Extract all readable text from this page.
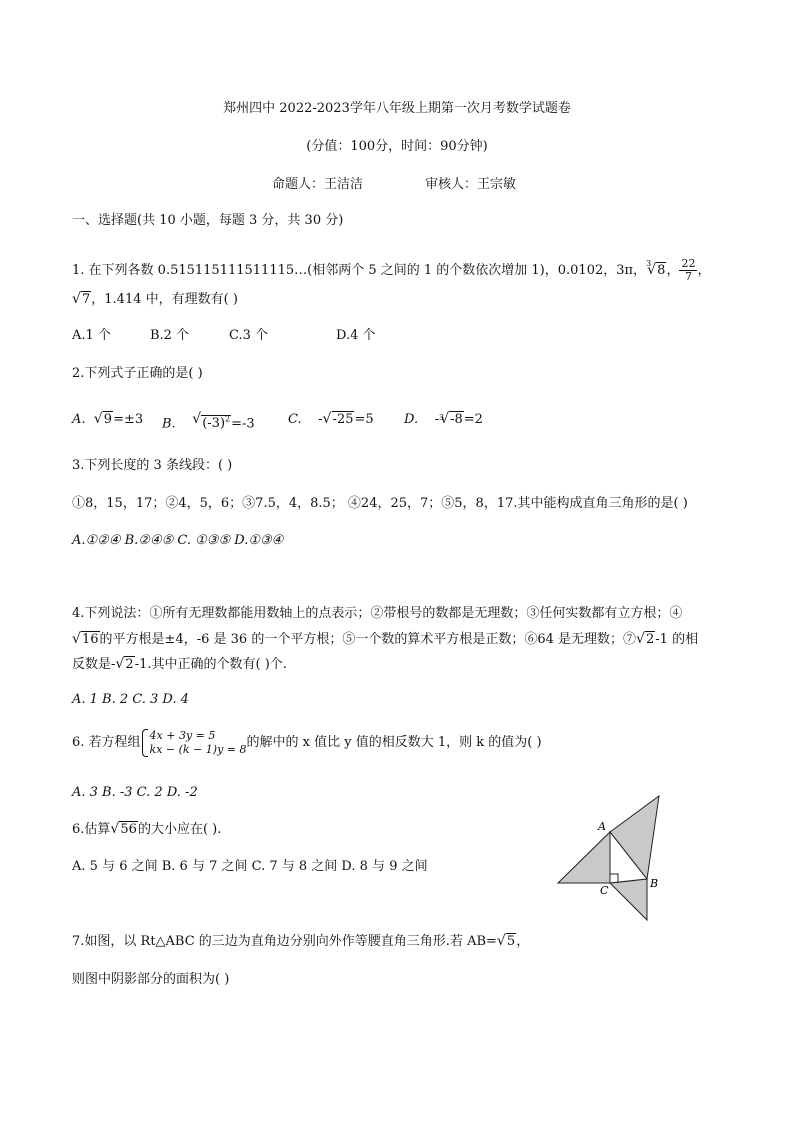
郑州四中 2022-2023学年八年级上期第一次月考数学试题卷
(分值：100分，时间：90分钟)
命题人：王洁洁	审核人：王宗敏
一、选择题(共 10 小题，每题 3 分，共 30 分)
1. 在下列各数 0.515115111511115…(相邻两个 5 之间的 1 的个数依次增加 1)，0.0102，3π，$^3$ √ 8， $\frac{22}{7}$ ，
√ 7，1.414 中，有理数有( )
A.1 个	B.2 个	C.3 个	D.4 个
2.下列式子正确的是( )
A. √ 9=±3 B. √ $(-3)^2=-3$	C.    - √ -25=5 D.    -$^3$ √ -8=2
3.下列长度的 3 条线段：( )
①8，15，17；②4，5，6；③7.5，4，8.5； ④24，25，7；⑤5，8，17.其中能构成直角三角形的是( )
A.①②④ B.②④⑤ C. ①③⑤ D.①③④
4.下列说法：①所有无理数都能用数轴上的点表示；②带根号的数都是无理数；③任何实数都有立方根；④
√ 16的平方根是±4，-6 是 36 的一个平方根；⑤一个数的算术平方根是正数；⑥64 是无理数；⑦ √ 2-1 的相
反数是- √ 2-1.其中正确的个数有( )个.
A. 1 B. 2 C. 3 D. 4
6. 若方程组 4x + 3y = 5
kx − (k − 1)y = 8 的解中的 x 值比 y 值的相反数大 1，则 k 的值为( )
A. 3 B. -3 C. 2 D. -2
6.估算 √ 56的大小应在( ).
A. 5 与 6 之间 B. 6 与 7 之间 C. 7 与 8 之间 D. 8 与 9 之间
A
B
C
7.如图，以 Rt△ABC 的三边为直角边分别向外作等腰直角三角形.若 AB= √ 5，
则图中阴影部分的面积为( )
